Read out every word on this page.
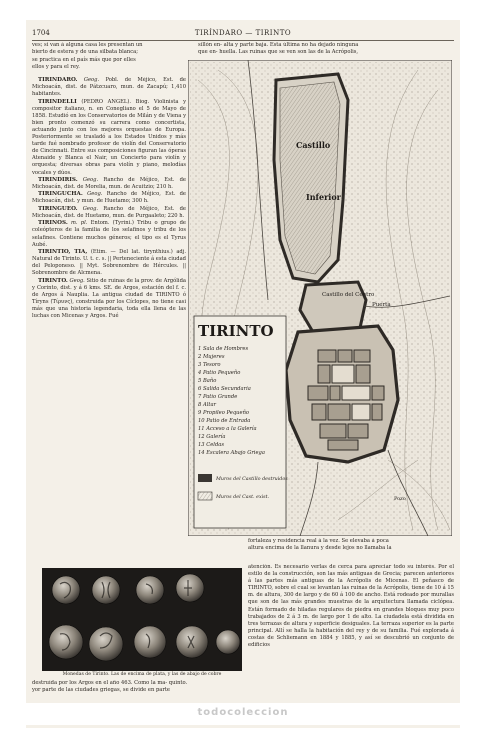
1704	TIRÍNDARO — TIRINTO

ves; si van á alguna casa les presentan un

bierto de estera y de una silbata blanca;

se practica en el país más que por elles

ellos y para el rey.

sillón en- alta y parte baja. Esta última no ha dejado ninguna

que en- huella. Las ruinas que se ven son las de la Acrópolis,

TIRÍNDARO. Geog. Pobl. de Méjico, Est. de Michoacán, dist. de Pátzcuaro, mun. de Zacapú; 1,410 habitantes.

TIRINDELLI (PEDRO ANGEL). Biog. Violinista y compositor italiano, n. en Conegliano el 5 de Mayo de 1858. Estudió en los Conservatorios de Milán y de Viena y bien pronto comenzó su carrera como concertista, actuando junto con los mejores orquestas de Europa. Posteriormente se trasladó a los Estados Unidos y más tarde fué nombrado profesor de violín del Conservatorio de Cincinnati. Entre sus composiciones figuran las óperas Atenaide y Blanca el Nair, un Concierto para violín y orquesta; diversas obras para violín y piano, melodías vocales y dúos.

TIRINDIRIS. Geog. Rancho de Méjico, Est. de Michoacán, dist. de Morelia, mun. de Acuitzio; 210 h.

TIRINGUCHA. Geog. Rancho de Méjico, Est. de Michoacán, dist. y mun. de Huetamo; 300 h.

TIRINGUEO. Geog. Rancho de Méjico, Est. de Michoacán, dist. de Huetamo, mun. de Purgaaleto; 220 h.

TIRINOS. m. pl. Entom. (Tyrini.) Tribu o grupo de coleópteros de la familia de los selafinos y tribu de los selafines. Contiene muchos géneros; el tipo es el Tyrus Aubé.

TIRINTIO, TIA, (Etim. — Del lat. tirynthius.) adj. Natural de Tirinto. U. t. c. s. || Perteneciente á esta ciudad del Peloponeso. || Myt. Sobrenombre de Hércules. || Sobrenombre de Alcmena.

TIRINTO. Geog. Sitio de ruinas de la prov. de Argólida y Corinto, dist. y á 6 kms. SE. de Argos, estación del f. c. de Argos á Nauplia. La antigua ciudad de TIRINTO ó Tíryns (Τίρυνς), construida por los Cíclopes, no tiene casi más que una historia legendaria, toda ella llena de las luchas con Micenas y Argos. Fué

Castillo
Inferior
Castillo del Centro
Puerta
Pozo
TIRINTO
1 Sala de Hombres
2 Mujeres
3 Tesoro
4 Patio Pequeño
5 Baño
6 Salida Secundaria
7 Patio Grande
8 Altar
9 Propileo Pequeño
10 Patio de Entrada
11 Acceso a la Galería
12 Galería
13 Celdas
14 Escalera Abajo Griega
Muros del Castillo destruidos
Muros del Cast. exist.

fortaleza y residencia real á la vez. Se elevaba á poca

altura encima de la llanura y desde lejos no llamaba la

Monedas de Tirinto. Las de encima de plata, y las de abajo de cobre

atención. Es necesario verlas de cerca para apreciar todo su interés. Por el estilo de la construcción, son las más antiguas de Grecia; parecen anteriores á las partes más antiguas de la Acrópolis de Micenas. El peñasco de TIRINTO, sobre el cual se levantan las ruinas de la Acrópolis, tiene de 10 á 15 m. de altura, 300 de largo y de 60 á 100 de ancho. Está rodeado por murallas que son de las más grandes muestras de la arquitectura llamada ciclópea. Están formado de hiladas regulares de piedra en grandes bloques muy poco trabajados de 2 á 3 m. de largo por 1 de alto. La ciudadela está dividida en tres terrazas de altura y superficie desiguales. La terraza superior es la parte principal. Allí se halla la habitación del rey y de su familia. Fué explorada á costas de Schliemann en 1884 y 1885, y así se descubrió un conjunto de edificios

destruída por los Argos en el año 463. Como la ma- quinto.

yor parte de las ciudades griegas, se divide en parte

todocoleccion
